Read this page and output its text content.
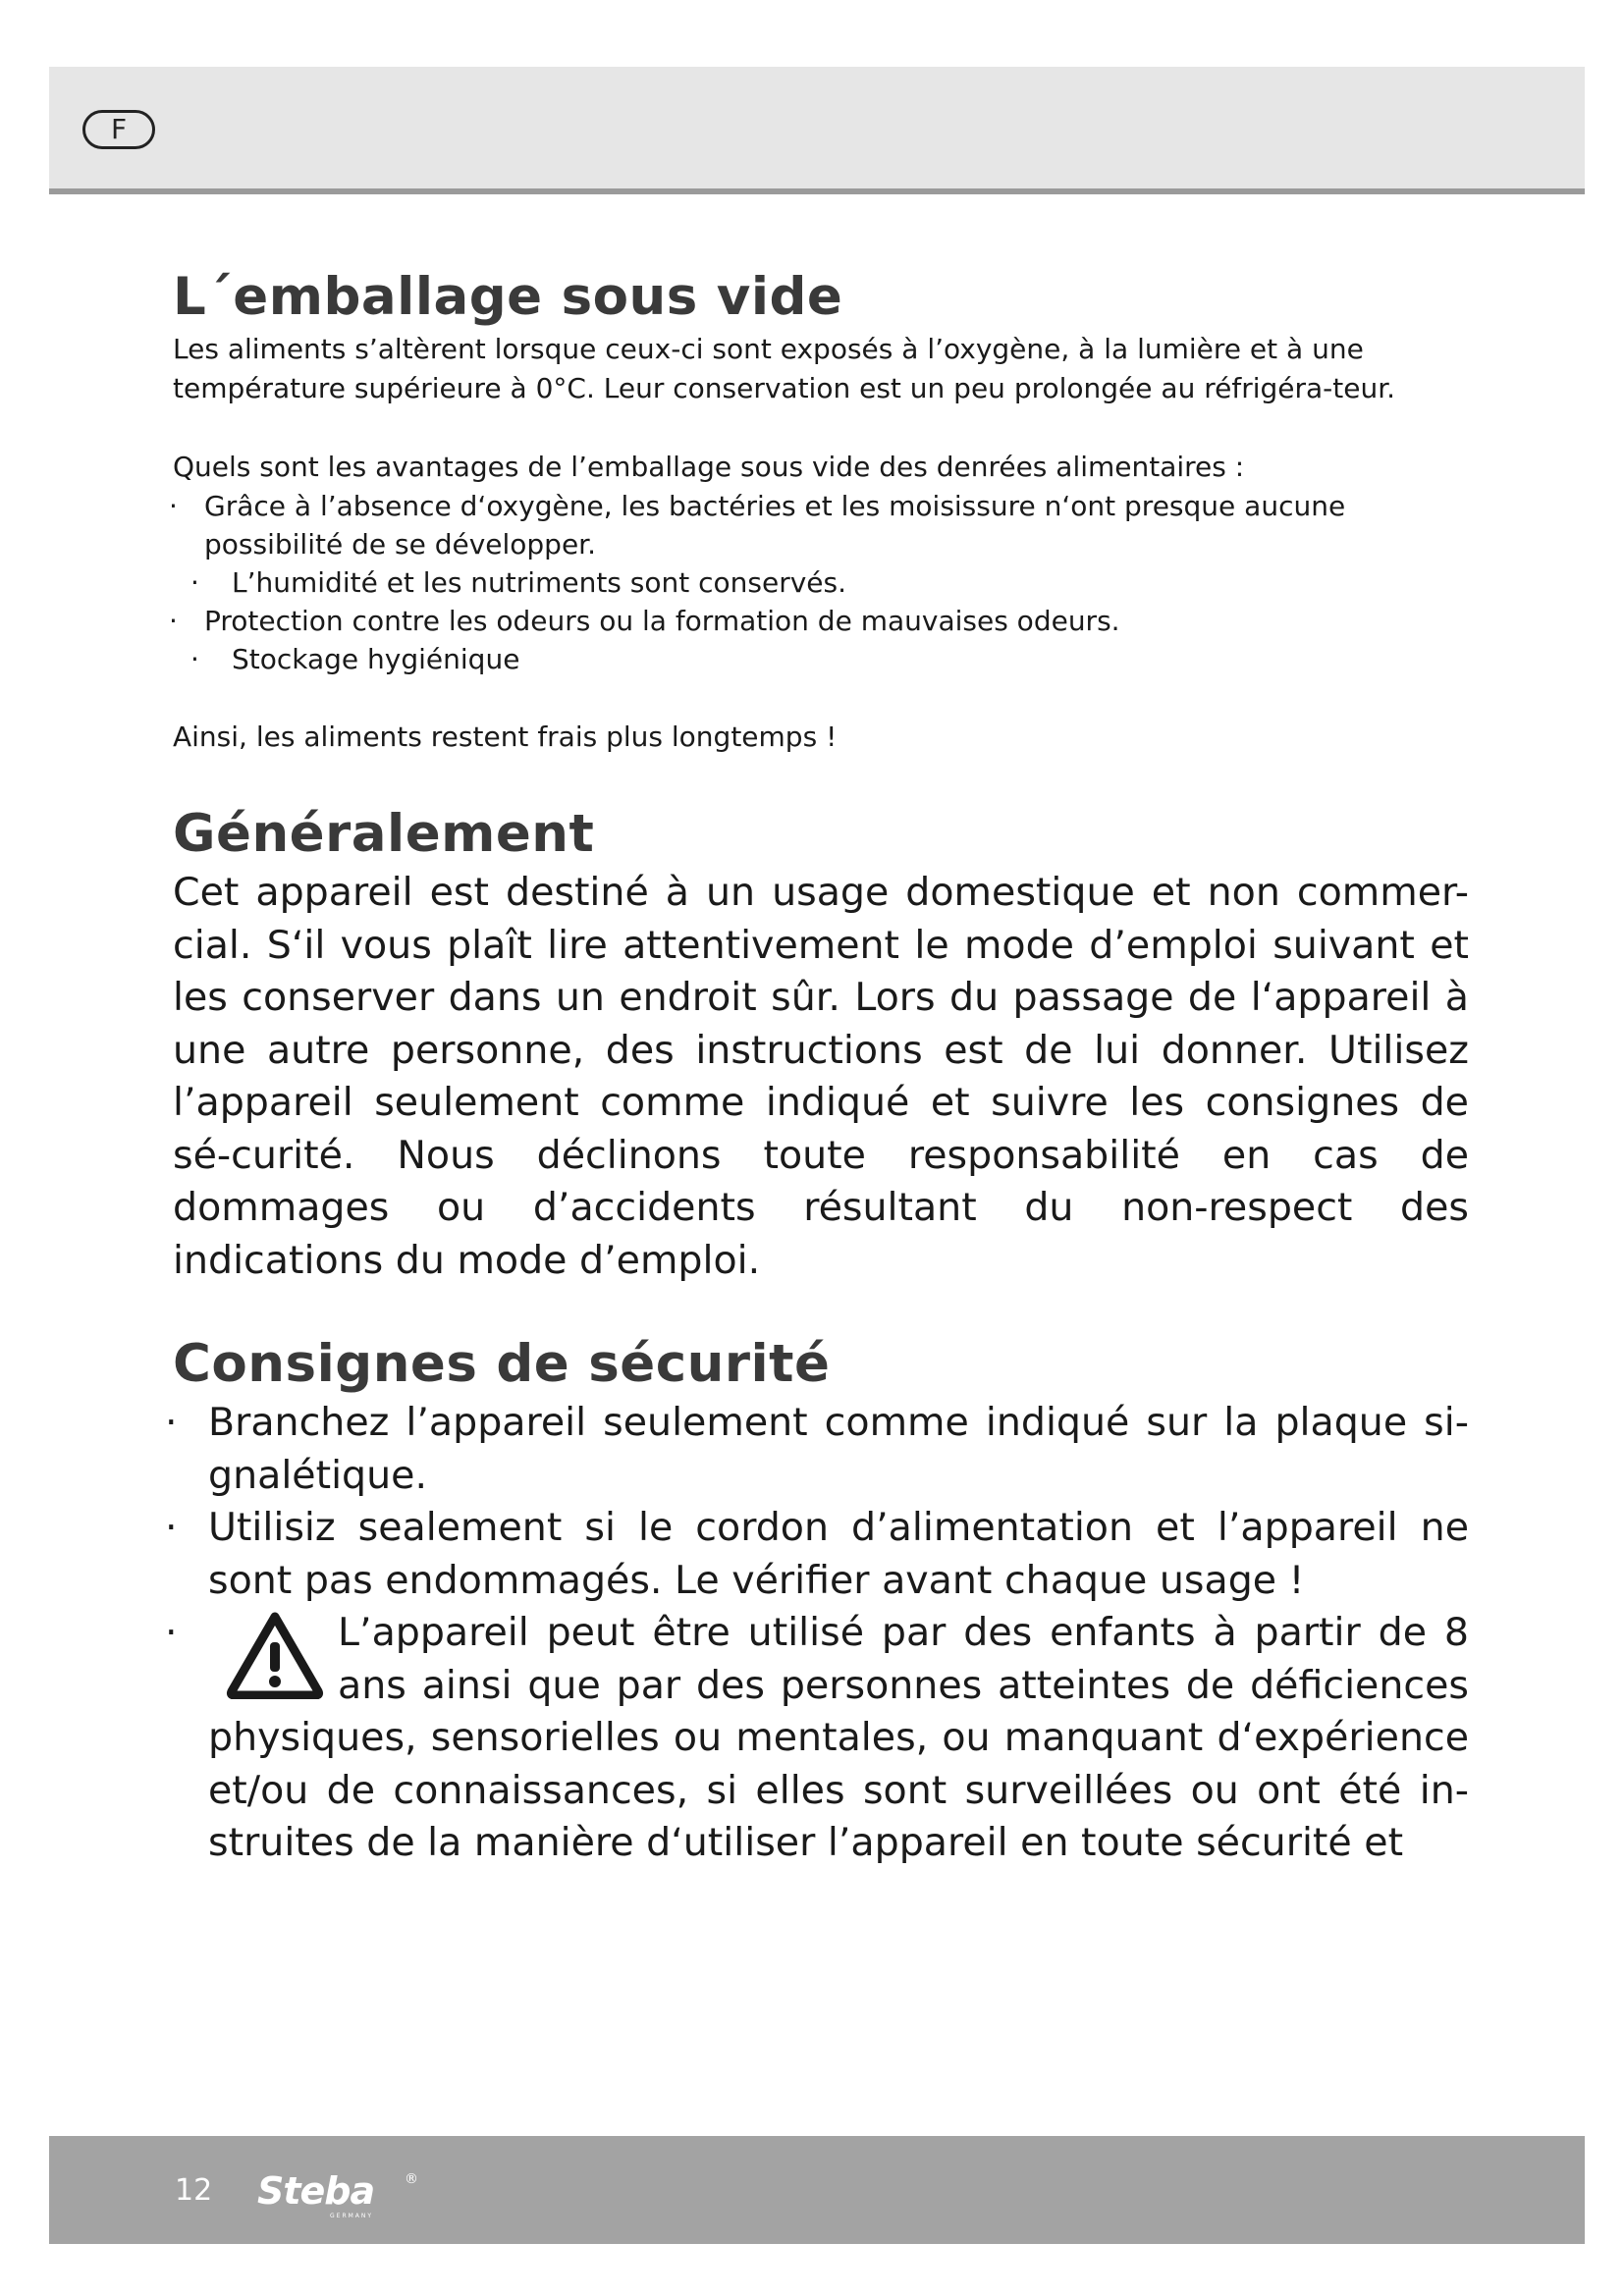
F
L´emballage sous vide

Les aliments s’altèrent lorsque ceux-ci sont exposés à l’oxygène, à la lumière et à une température supérieure à 0°C. Leur conservation est un peu prolongée au réfrigéra-teur.

Quels sont les avantages de l’emballage sous vide des denrées alimentaires :

· Grâce à l’absence d‘oxygène, les bactéries et les moisissure n‘ont presque aucune possibilité de se développer.
· L’humidité et les nutriments sont conservés.
· Protection contre les odeurs ou la formation de mauvaises odeurs.
· Stockage hygiénique

Ainsi, les aliments restent frais plus longtemps !

Généralement

Cet appareil est destiné à un usage domestique et non commer-cial. S‘il vous plaît lire attentivement le mode d’emploi suivant et les conserver dans un endroit sûr. Lors du passage de l‘appareil à une autre personne, des instructions est de lui donner. Utilisez l’appareil seulement comme indiqué et suivre les consignes de sé-curité. Nous déclinons toute responsabilité en cas de dommages ou d’accidents résultant du non-respect des indications du mode d’emploi.

Consignes de sécurité
· Branchez l’appareil seulement comme indiqué sur la plaque si-gnalétique.
· Utilisiz sealement si le cordon d’alimentation et l’appareil ne sont pas endommagés. Le vérifier avant chaque usage !
· L’appareil peut être utilisé par des enfants à partir de 8 ans ainsi que par des personnes atteintes de déficiences physiques, sensorielles ou mentales, ou manquant d‘expérience et/ou de connaissances, si elles sont surveillées ou ont été in-struites de la manière d‘utiliser l’appareil en toute sécurité et
12 Steba ®
GERMANY
